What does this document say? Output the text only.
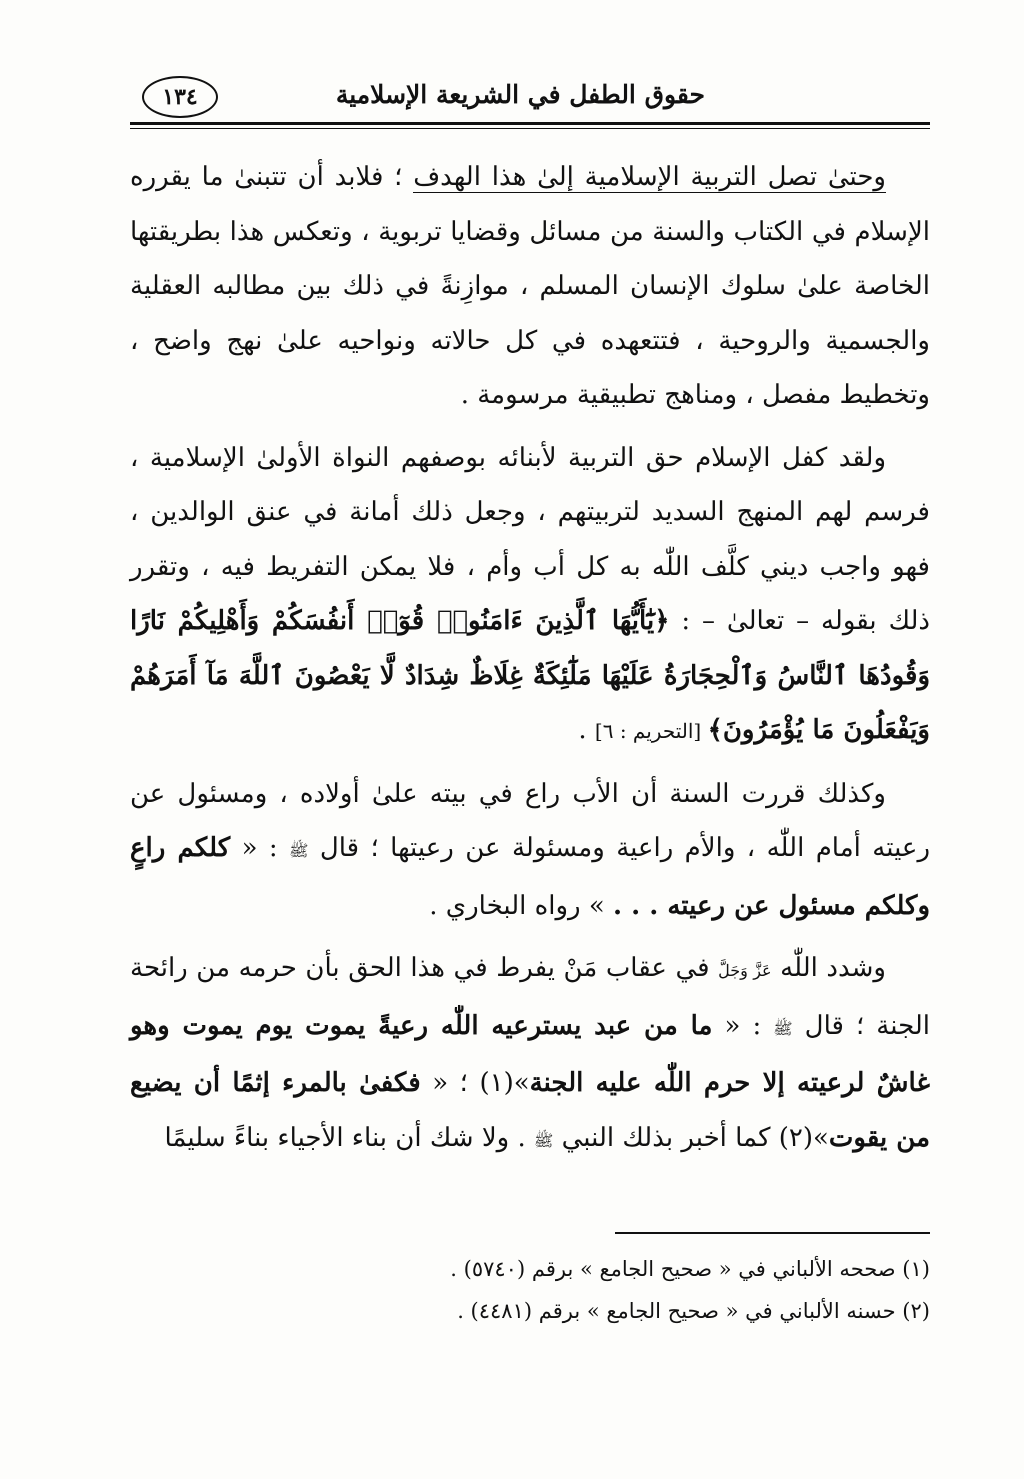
حقوق الطفل في الشريعة الإسلامية
١٣٤

وحتىٰ تصل التربية الإسلامية إلىٰ هذا الهدف ؛ فلابد أن تتبنىٰ ما يقرره الإسلام في الكتاب والسنة من مسائل وقضايا تربوية ، وتعكس هذا بطريقتها الخاصة علىٰ سلوك الإنسان المسلم ، موازِنةً في ذلك بين مطالبه العقلية والجسمية والروحية ، فتتعهده في كل حالاته ونواحيه علىٰ نهج واضح ، وتخطيط مفصل ، ومناهج تطبيقية مرسومة .

ولقد كفل الإسلام حق التربية لأبنائه بوصفهم النواة الأولىٰ الإسلامية ، فرسم لهم المنهج السديد لتربيتهم ، وجعل ذلك أمانة في عنق الوالدين ، فهو واجب ديني كلَّف اللّٰه به كل أب وأم ، فلا يمكن التفريط فيه ، وتقرر ذلك بقوله – تعالىٰ – : ﴿يَٰٓأَيُّهَا ٱلَّذِينَ ءَامَنُوا۟ قُوٓا۟ أَنفُسَكُمْ وَأَهْلِيكُمْ نَارًا وَقُودُهَا ٱلنَّاسُ وَٱلْحِجَارَةُ عَلَيْهَا مَلَٰٓئِكَةٌ غِلَاظٌ شِدَادٌ لَّا يَعْصُونَ ٱللَّهَ مَآ أَمَرَهُمْ وَيَفْعَلُونَ مَا يُؤْمَرُونَ﴾ [التحريم : ٦] .

وكذلك قررت السنة أن الأب راع في بيته علىٰ أولاده ، ومسئول عن رعيته أمام اللّٰه ، والأم راعية ومسئولة عن رعيتها ؛ قال ﷺ : « كلكم راعٍ وكلكم مسئول عن رعيته . . . » رواه البخاري .

وشدد اللّٰه عَزَّ وَجَلَّ في عقاب مَنْ يفرط في هذا الحق بأن حرمه من رائحة الجنة ؛ قال ﷺ : « ما من عبد يسترعيه اللّٰه رعيةً يموت يوم يموت وهو غاشٌ لرعيته إلا حرم اللّٰه عليه الجنة»(١) ؛ « فكفىٰ بالمرء إثمًا أن يضيع من يقوت»(٢) كما أخبر بذلك النبي ﷺ . ولا شك أن بناء الأجياء بناءً سليمًا

(١) صححه الألباني في « صحيح الجامع » برقم (٥٧٤٠) .

(٢) حسنه الألباني في « صحيح الجامع » برقم (٤٤٨١) .
